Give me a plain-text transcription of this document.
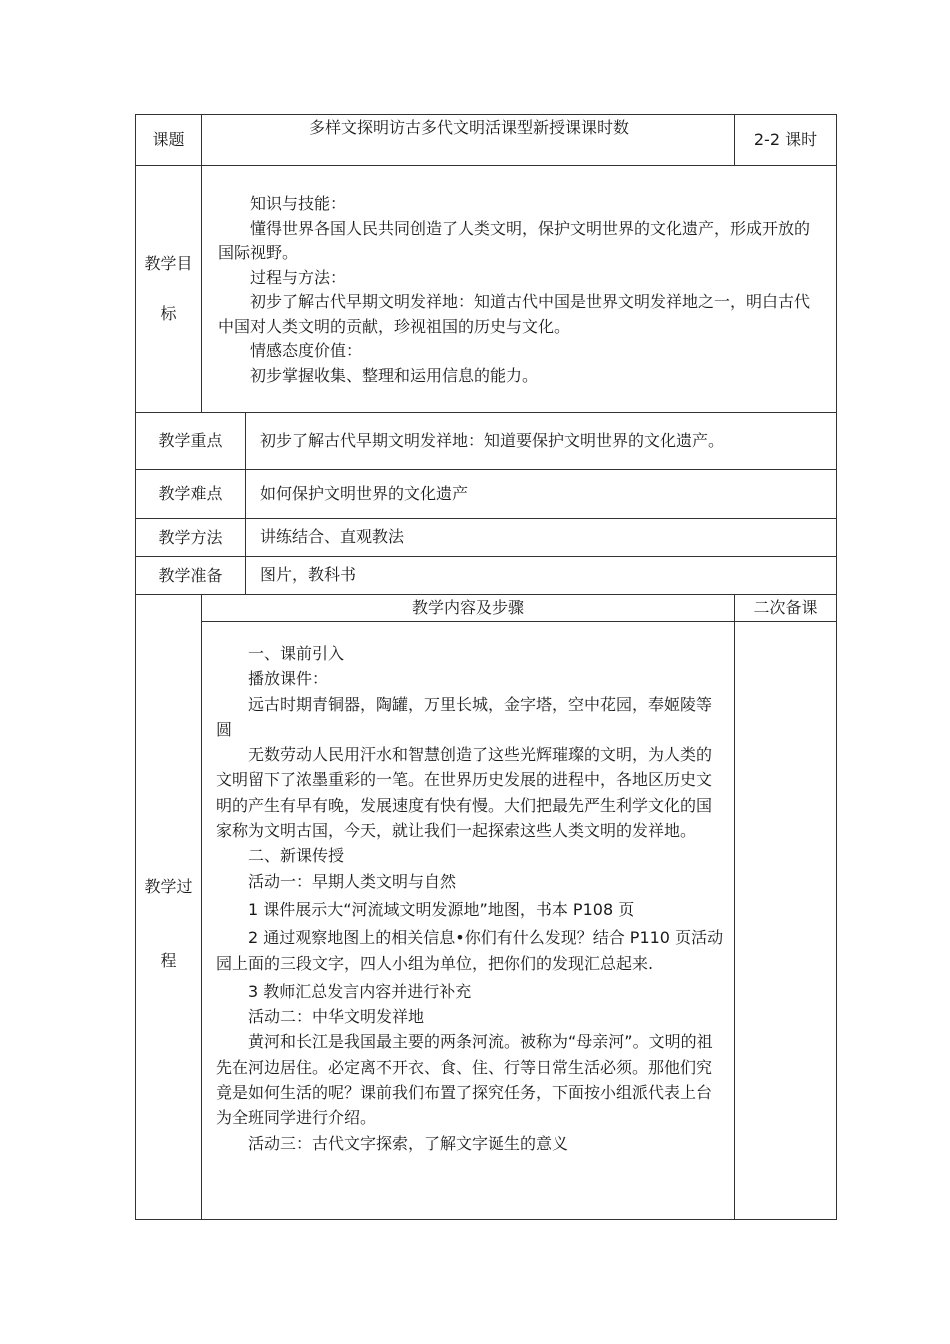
课题
多样文探明访古多代文明活课型新授课课时数
2-2 课时
教学目
标

知识与技能：

懂得世界各国人民共同创造了人类文明，保护文明世界的文化遗产，形成开放的国际视野。

过程与方法：

初步了解古代早期文明发祥地：知道古代中国是世界文明发祥地之一，明白古代中国对人类文明的贡献，珍视祖国的历史与文化。

情感态度价值：

初步掌握收集、整理和运用信息的能力。

教学重点 初步了解古代早期文明发祥地：知道要保护文明世界的文化遗产。
教学难点 如何保护文明世界的文化遗产
教学方法 讲练结合、直观教法
教学准备 图片，教科书
教学过
程
教学内容及步骤	二次备课

一、课前引入

播放课件：

远古时期青铜器，陶罐，万里长城，金字塔，空中花园，奉姬陵等圆

无数劳动人民用汗水和智慧创造了这些光辉璀璨的文明，为人类的文明留下了浓墨重彩的一笔。在世界历史发展的进程中，各地区历史文明的产生有早有晚，发展速度有快有慢。大们把最先严生利学文化的国家称为文明古国，今天，就让我们一起探索这些人类文明的发祥地。

二、新课传授

活动一：早期人类文明与自然

1 课件展示大“河流域文明发源地”地图，书本 P108 页

2 通过观察地图上的相关信息•你们有什么发现？结合 P110 页活动园上面的三段文字，四人小组为单位，把你们的发现汇总起来.

3 教师汇总发言内容并进行补充

活动二：中华文明发祥地

黄河和长江是我国最主要的两条河流。被称为“母亲河”。文明的祖先在河边居住。必定离不开衣、食、住、行等日常生活必须。那他们究竟是如何生活的呢？课前我们布置了探究任务，下面按小组派代表上台为全班同学进行介绍。

活动三：古代文字探索，了解文字诞生的意义
